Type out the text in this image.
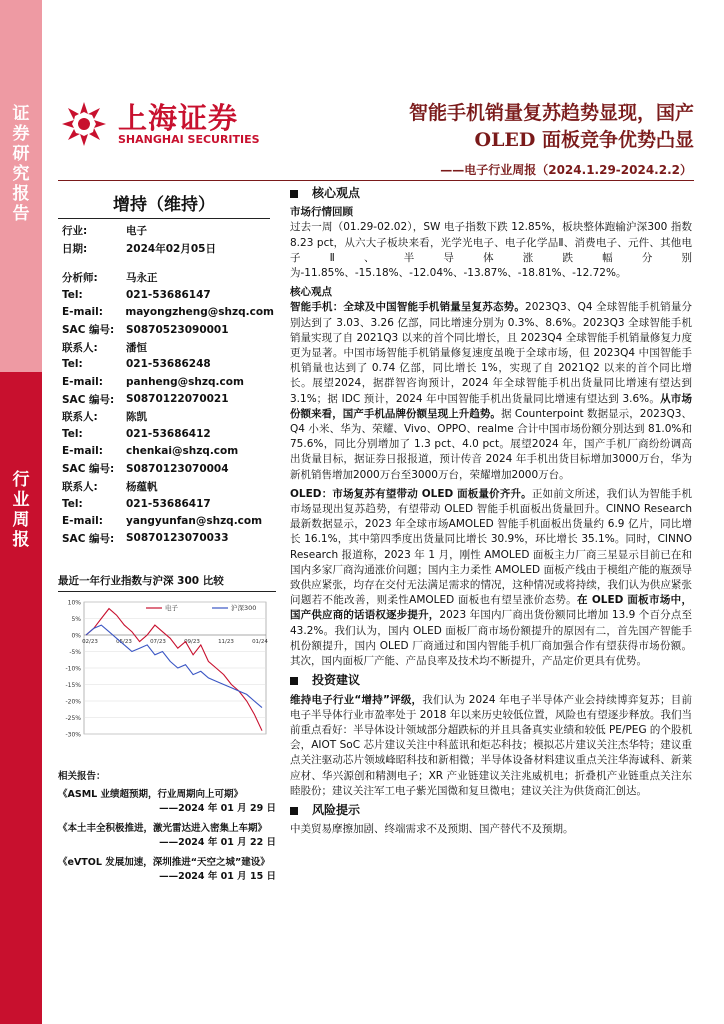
证
券
研
究
报
告
行
业
周
报
上海证券
SHANGHAI SECURITIES
智能手机销量复苏趋势显现，国产
OLED 面板竞争优势凸显
——电子行业周报（2024.1.29-2024.2.2）
增持（维持）
行业:	电子
日期:	2024年02月05日
分析师:	马永正
Tel:	021-53686147
E-mail:	mayongzheng@shzq.com
SAC 编号:	S0870523090001
联系人:	潘恒
Tel:	021-53686248
E-mail:	panheng@shzq.com
SAC 编号:	S0870122070021
联系人:	陈凯
Tel:	021-53686412
E-mail:	chenkai@shzq.com
SAC 编号:	S0870123070004
联系人:	杨蕴帆
Tel:	021-53686417
E-mail:	yangyunfan@shzq.com
SAC 编号:	S0870123070033
最近一年行业指数与沪深 300 比较
10%
5%
0%
-5%
-10%
-15%
-20%
-25%
-30%
02/23	05/23	07/23	09/23	11/23	01/24
电子	沪深300
相关报告：
《ASML 业绩超预期，行业周期向上可期》
——2024 年 01 月 29 日
《本土丰全积极推进，激光雷达进入密集上车期》
——2024 年 01 月 22 日
《eVTOL 发展加速，深圳推进“天空之城”建设》
——2024 年 01 月 15 日
核心观点
市场行情回顾
过去一周（01.29-02.02），SW 电子指数下跌 12.85%，板块整体跑输沪深300 指数 8.23 pct，从六大子板块来看，光学光电子、电子化学品Ⅱ、消费电子、元件、其他电子Ⅱ、半导体涨跌幅分别为-11.85%、-15.18%、-12.04%、-13.87%、-18.81%、-12.72%。
核心观点
智能手机：全球及中国智能手机销量呈复苏态势。2023Q3、Q4 全球智能手机销量分别达到了 3.03、3.26 亿部，同比增速分别为 0.3%、8.6%。2023Q3 全球智能手机销量实现了自 2021Q3 以来的首个同比增长，且 2023Q4 全球智能手机销量修复力度更为显著。中国市场智能手机销量修复速度虽晚于全球市场，但 2023Q4 中国智能手机销量也达到了 0.74 亿部，同比增长 1%，实现了自 2021Q2 以来的首个同比增长。展望2024，据群智咨询预计，2024 年全球智能手机出货量同比增速有望达到 3.1%；据 IDC 预计，2024 年中国智能手机出货量同比增速有望达到 3.6%。从市场份额来看，国产手机品牌份额呈现上升趋势。据 Counterpoint 数据显示，2023Q3、Q4 小米、华为、荣耀、Vivo、OPPO、realme 合计中国市场份额分别达到 81.0%和 75.6%，同比分别增加了 1.3 pct、4.0 pct。展望2024 年，国产手机厂商纷纷调高出货量目标，据证券日报报道，预计传音 2024 年手机出货目标增加3000万台，华为新机销售增加2000万台至3000万台，荣耀增加2000万台。
OLED：市场复苏有望带动 OLED 面板量价齐升。正如前文所述，我们认为智能手机市场显现出复苏趋势，有望带动 OLED 智能手机面板出货量回升。CINNO Research 最新数据显示，2023 年全球市场AMOLED 智能手机面板出货量约 6.9 亿片，同比增长 16.1%，其中第四季度出货量同比增长 30.9%，环比增长 35.1%。同时，CINNO Research 报道称，2023 年 1 月，刚性 AMOLED 面板主力厂商三星显示目前已在和国内多家厂商沟通涨价问题；国内主力柔性 AMOLED 面板产线由于模组产能的瓶颈导致供应紧张，均存在交付无法满足需求的情况，这种情况或将持续，我们认为供应紧张问题若不能改善，则柔性AMOLED 面板也有望呈涨价态势。在 OLED 面板市场中，国产供应商的话语权逐步提升，2023 年国内厂商出货份额同比增加 13.9 个百分点至 43.2%。我们认为，国内 OLED 面板厂商市场份额提升的原因有二，首先国产智能手机份额提升，国内 OLED 厂商通过和国内智能手机厂商加强合作有望获得市场份额。其次，国内面板厂产能、产品良率及技术均不断提升，产品定价更具有优势。
投资建议
维持电子行业“增持”评级，我们认为 2024 年电子半导体产业会持续博弈复苏；目前电子半导体行业市盈率处于 2018 年以来历史较低位置，风险也有望逐步释放。我们当前重点看好：半导体设计领域部分超跌标的并且具备真实业绩和较低 PE/PEG 的个股机会，AIOT SoC 芯片建议关注中科蓝讯和炬芯科技；模拟芯片建议关注杰华特；建议重点关注驱动芯片领域峰昭科技和新相微；半导体设备材料建议重点关注华海诚科、新莱应材、华兴源创和精测电子；XR 产业链建议关注兆威机电；折叠机产业链重点关注东睦股份；建议关注军工电子紫光国微和复旦微电；建议关注为供货商汇创达。
风险提示
中美贸易摩擦加剧、终端需求不及预期、国产替代不及预期。
